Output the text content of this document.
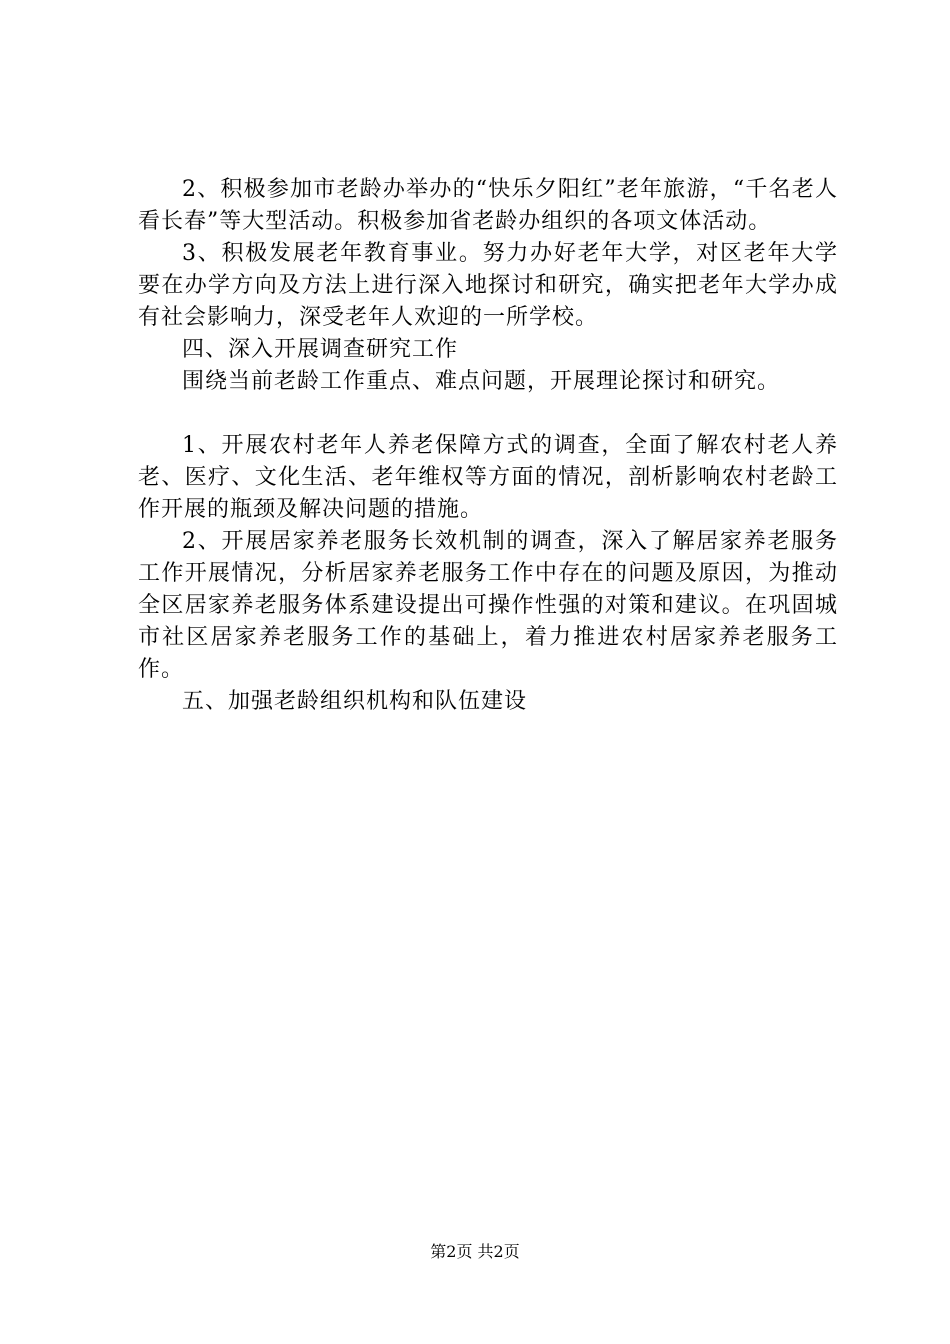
2、积极参加市老龄办举办的“快乐夕阳红”老年旅游，“千名老人看长春”等大型活动。积极参加省老龄办组织的各项文体活动。

3、积极发展老年教育事业。努力办好老年大学，对区老年大学要在办学方向及方法上进行深入地探讨和研究，确实把老年大学办成有社会影响力，深受老年人欢迎的一所学校。

四、深入开展调查研究工作

围绕当前老龄工作重点、难点问题，开展理论探讨和研究。

1、开展农村老年人养老保障方式的调查，全面了解农村老人养老、医疗、文化生活、老年维权等方面的情况，剖析影响农村老龄工作开展的瓶颈及解决问题的措施。

2、开展居家养老服务长效机制的调查，深入了解居家养老服务工作开展情况，分析居家养老服务工作中存在的问题及原因，为推动全区居家养老服务体系建设提出可操作性强的对策和建议。在巩固城市社区居家养老服务工作的基础上，着力推进农村居家养老服务工作。

五、加强老龄组织机构和队伍建设

第2页 共2页
